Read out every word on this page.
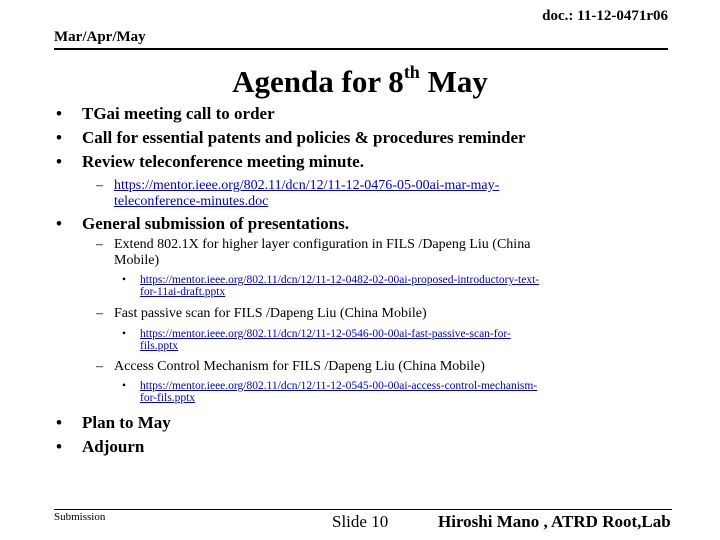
doc.: 11-12-0471r06
Mar/Apr/May
Agenda for 8th May
• TGai meeting call to order
• Call for essential patents and policies & procedures reminder
• Review teleconference meeting minute.
– https://mentor.ieee.org/802.11/dcn/12/11-12-0476-05-00ai-mar-may-
teleconference-minutes.doc
• General submission of presentations.
– Extend 802.1X for higher layer configuration in FILS /Dapeng Liu (China
Mobile)
• https://mentor.ieee.org/802.11/dcn/12/11-12-0482-02-00ai-proposed-introductory-text-
for-11ai-draft.pptx
– Fast passive scan for FILS /Dapeng Liu (China Mobile)
• https://mentor.ieee.org/802.11/dcn/12/11-12-0546-00-00ai-fast-passive-scan-for-
fils.pptx
– Access Control Mechanism for FILS /Dapeng Liu (China Mobile)
• https://mentor.ieee.org/802.11/dcn/12/11-12-0545-00-00ai-access-control-mechanism-
for-fils.pptx
• Plan to May
• Adjourn
Submission	Slide 10	Hiroshi Mano , ATRD Root,Lab
